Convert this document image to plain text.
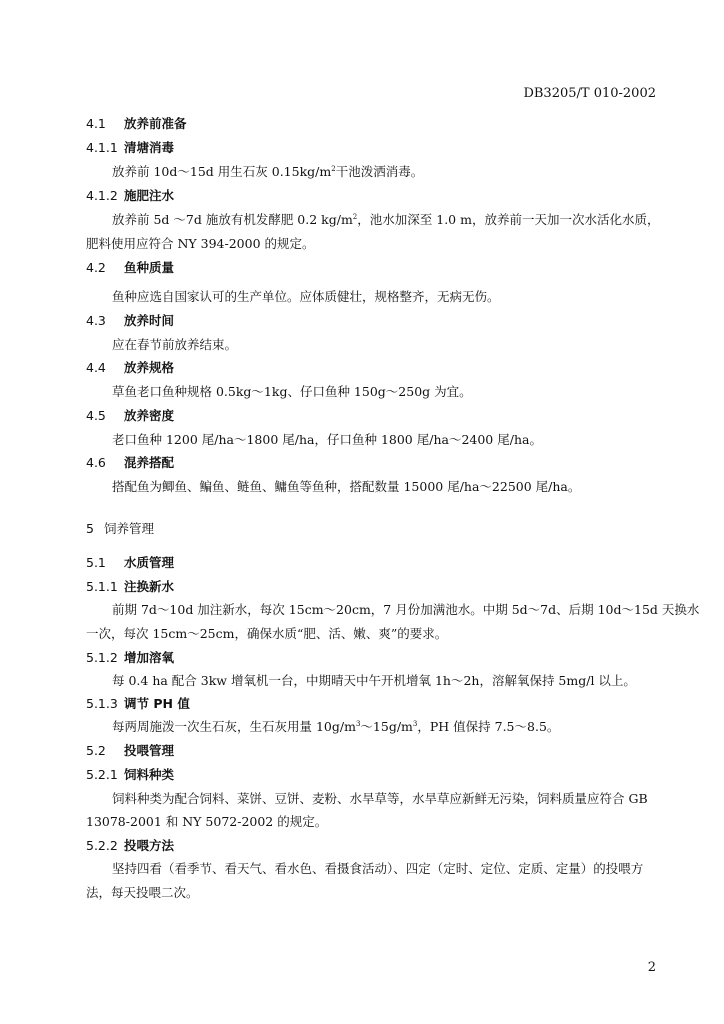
DB3205/T 010-2002
4.1 放养前准备
4.1.1 清塘消毒
放养前 10d～15d 用生石灰 $0.15kg/m^2$干池泼洒消毒。
4.1.2 施肥注水
放养前 5d ～7d 施放有机发酵肥 0.2 $kg/m^2$，池水加深至 1.0 m，放养前一天加一次水活化水质，
肥料使用应符合 NY 394-2000 的规定。
4.2 鱼种质量
鱼种应选自国家认可的生产单位。应体质健壮，规格整齐，无病无伤。
4.3 放养时间
应在春节前放养结束。
4.4 放养规格
草鱼老口鱼种规格 0.5kg～1kg、仔口鱼种 150g～250g 为宜。
4.5 放养密度
老口鱼种 1200 尾/ha～1800 尾/ha，仔口鱼种 1800 尾/ha～2400 尾/ha。
4.6 混养搭配
搭配鱼为鲫鱼、鳊鱼、鲢鱼、鳙鱼等鱼种，搭配数量 15000 尾/ha～22500 尾/ha。
5 饲养管理
5.1 水质管理
5.1.1 注换新水
前期 7d～10d 加注新水，每次 15cm～20cm，7 月份加满池水。中期 5d～7d、后期 10d～15d 天换水
一次，每次 15cm～25cm，确保水质“肥、活、嫩、爽”的要求。
5.1.2 增加溶氧
每 0.4 ha 配合 3kw 增氧机一台，中期晴天中午开机增氧 1h～2h，溶解氧保持 5mg/l 以上。
5.1.3 调节 PH 值
每两周施泼一次生石灰，生石灰用量 $10g/m^3\sim 15g/m^3$，PH 值保持 7.5～8.5。
5.2 投喂管理
5.2.1 饲料种类
饲料种类为配合饲料、菜饼、豆饼、麦粉、水旱草等，水旱草应新鲜无污染，饲料质量应符合 GB
13078-2001 和 NY 5072-2002 的规定。
5.2.2 投喂方法
坚持四看（看季节、看天气、看水色、看摄食活动）、四定（定时、定位、定质、定量）的投喂方
法，每天投喂二次。
2
